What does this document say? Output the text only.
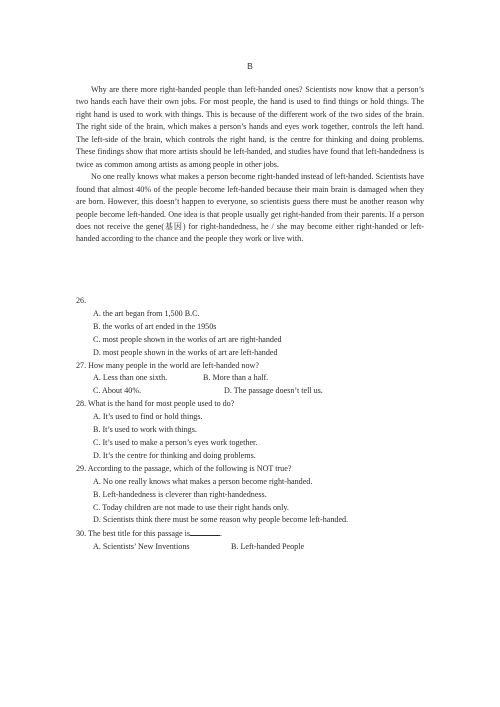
B

Why are there more right-handed people than left-handed ones? Scientists now know that a person’s two hands each have their own jobs. For most people, the hand is used to find things or hold things. The right hand is used to work with things. This is because of the different work of the two sides of the brain. The right side of the brain, which makes a person’s hands and eyes work together, controls the left hand. The left-side of the brain, which controls the right hand, is the centre for thinking and doing problems. These findings show that more artists should be left-handed, and studies have found that left-handedness is twice as common among artists as among people in other jobs.

No one really knows what makes a person become right-handed instead of left-handed. Scientists have found that almost 40% of the people become left-handed because their main brain is damaged when they are born. However, this doesn’t happen to everyone, so scientists guess there must be another reason why people become left-handed. One idea is that people usually get right-handed from their parents. If a person does not receive the gene(基因) for right-handedness, he / she may become either right-handed or left-handed according to the chance and the people they work or live with.

26.

A. the art began from 1,500 B.C.

B. the works of art ended in the 1950s

C. most people shown in the works of art are right-handed

D. most people shown in the works of art are left-handed

27. How many people in the world are left-handed now?

A. Less than one sixth.	B. More than a half.
C. About 40%.	D. The passage doesn’t tell us.

28. What is the hand for most people used to do?

A. It’s used to find or hold things.

B. It’s used to work with things.

C. It’s used to make a person’s eyes work together.

D. It’s the centre for thinking and doing problems.

29. According to the passage, which of the following is NOT true?

A. No one really knows what makes a person become right-handed.

B. Left-handedness is cleverer than right-handedness.

C. Today children are not made to use their right hands only.

D. Scientists think there must be some reason why people become left-handed.

30. The best title for this passage is	.

A. Scientists’ New Inventions	B. Left-handed People
